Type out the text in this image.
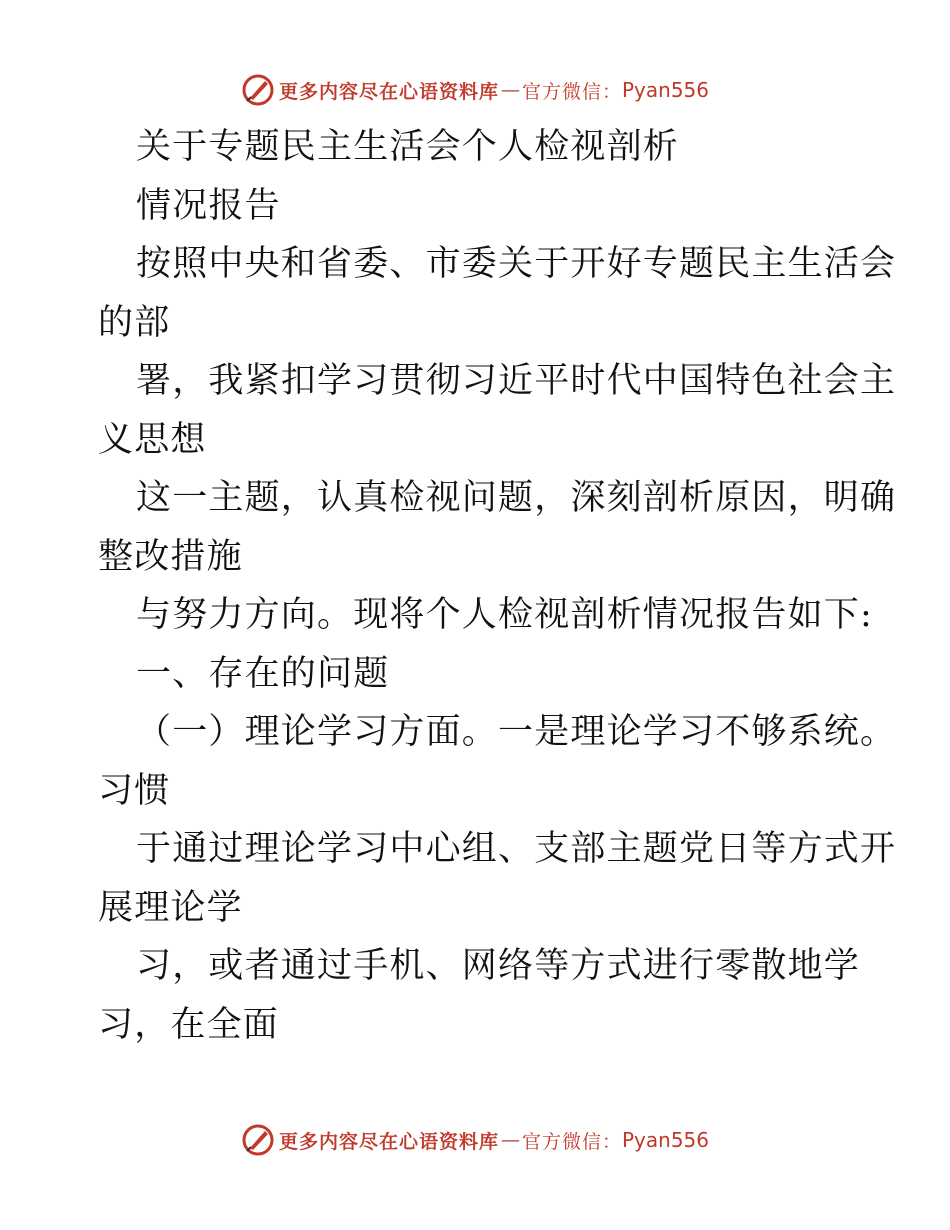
更多内容尽在心语资料库 — 官方微信： Pyan556
关于专题民主生活会个人检视剖析
情况报告
按照中央和省委、市委关于开好专题民主生活会
的部
署，我紧扣学习贯彻习近平时代中国特色社会主
义思想
这一主题，认真检视问题，深刻剖析原因，明确
整改措施
与努力方向。现将个人检视剖析情况报告如下:
一、存在的问题
（一）理论学习方面。一是理论学习不够系统。
习惯
于通过理论学习中心组、支部主题党日等方式开
展理论学
习，或者通过手机、网络等方式进行零散地学
习，在全面
更多内容尽在心语资料库 — 官方微信： Pyan556
